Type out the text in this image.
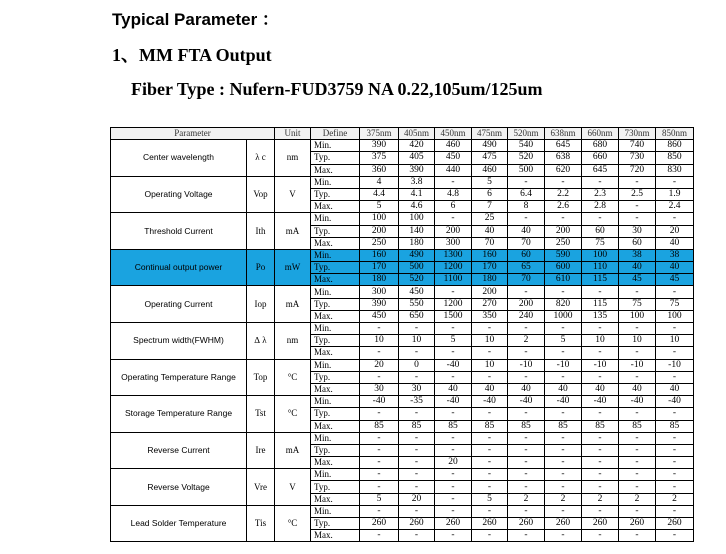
Typical Parameter ：
1、MM FTA Output
Fiber Type : Nufern-FUD3759 NA 0.22,105um/125um
Parameter		Unit	Define	375nm	405nm	450nm	475nm	520nm	638nm	660nm	730nm	850nm
Center wavelength	λ c	nm	Min.	390	420	460	490	540	645	680	740	860
			Typ.	375	405	450	475	520	638	660	730	850
			Max.	360	390	440	460	500	620	645	720	830
Operating Voltage	Vop	V	Min.	4	3.8	-	5	-	-	-	-	-
			Typ.	4.4	4.1	4.8	6	6.4	2.2	2.3	2.5	1.9
			Max.	5	4.6	6	7	8	2.6	2.8	-	2.4
Threshold Current	Ith	mA	Min.	100	100	-	25	-	-	-	-	-
			Typ.	200	140	200	40	40	200	60	30	20
			Max.	250	180	300	70	70	250	75	60	40
Continual output power	Po	mW	Min.	160	490	1300	160	60	590	100	38	38
			Typ.	170	500	1200	170	65	600	110	40	40
			Max.	180	520	1100	180	70	610	115	45	45
Operating Current	Iop	mA	Min.	300	450	-	200	-	-	-	-	-
			Typ.	390	550	1200	270	200	820	115	75	75
			Max.	450	650	1500	350	240	1000	135	100	100
Spectrum width(FWHM)	∆ λ	nm	Min.	-	-	-	-	-	-	-	-	-
			Typ.	10	10	5	10	2	5	10	10	10
			Max.	-	-	-	-	-	-	-	-	-
Operating Temperature Range	Top	°C	Min.	20	0	-40	10	-10	-10	-10	-10	-10
			Typ.	-	-	-	-	-	-	-	-	-
			Max.	30	30	40	40	40	40	40	40	40
Storage Temperature Range	Tst	°C	Min.	-40	-35	-40	-40	-40	-40	-40	-40	-40
			Typ.	-	-	-	-	-	-	-	-	-
			Max.	85	85	85	85	85	85	85	85	85
Reverse Current	Ire	mA	Min.	-	-	-	-	-	-	-	-	-
			Typ.	-	-	-	-	-	-	-	-	-
			Max.	-	-	20	-	-	-	-	-	-
Reverse Voltage	Vre	V	Min.	-	-	-	-	-	-	-	-	-
			Typ.	-	-	-	-	-	-	-	-	-
			Max.	5	20	-	5	2	2	2	2	2
Lead Solder Temperature	Tis	°C	Min.	-	-	-	-	-	-	-	-	-
			Typ.	260	260	260	260	260	260	260	260	260
			Max.	-	-	-	-	-	-	-	-	-
